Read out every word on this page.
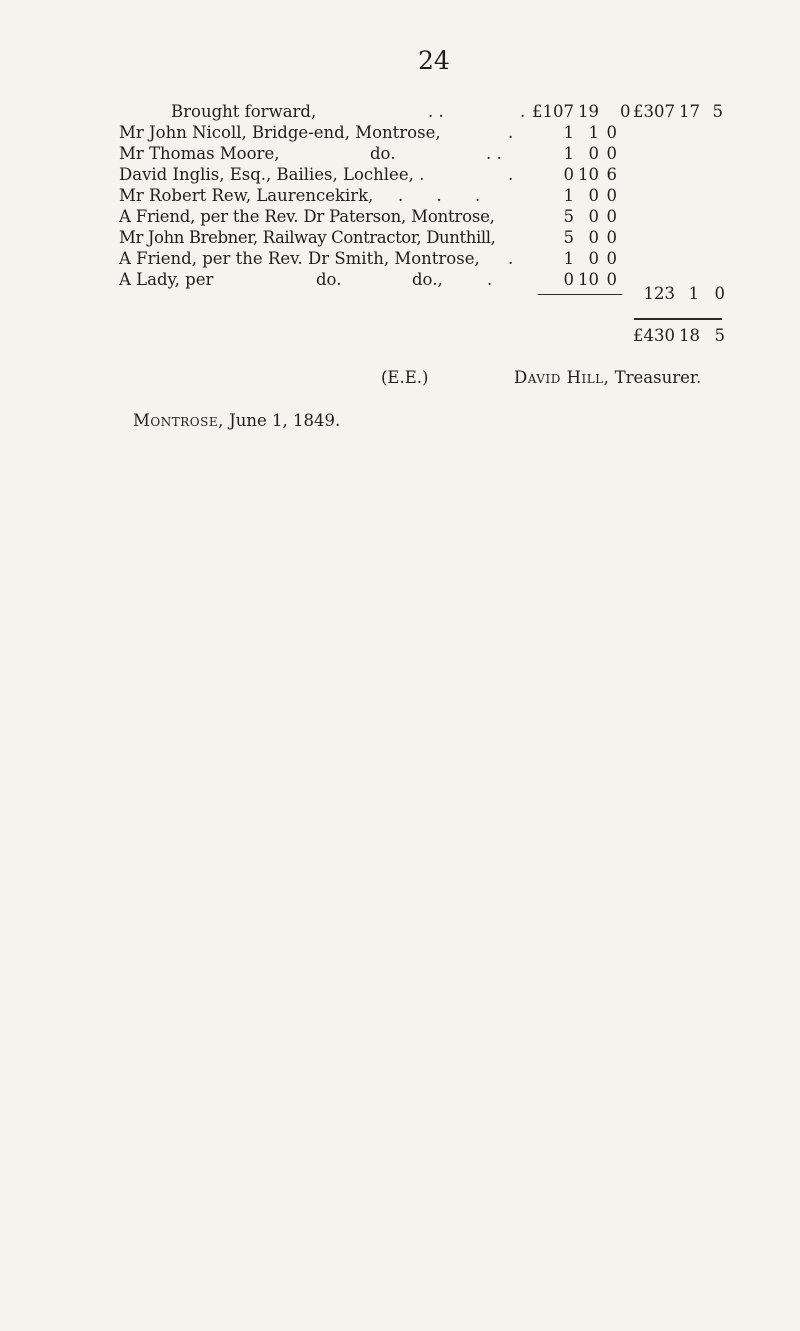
24
Brought forward,	. .	. £107 19 0 £307 17 5
Mr John Nicoll, Bridge-end, Montrose,	.	1 1 0
Mr Thomas Moore,	do.	. .	1 0 0
David Inglis, Esq., Bailies, Lochlee, .	.	0 10 6
Mr Robert Rew, Laurencekirk, . . .	1 0 0
A Friend, per the Rev. Dr Paterson, Montrose,	5 0 0
Mr John Brebner, Railway Contractor, Dunthill,	5 0 0
A Friend, per the Rev. Dr Smith, Montrose, .	1 0 0
A Lady, per	do.	do.,	.	0 10 0
123 1 0
£430 18 5
(E.E.)	David Hill, Treasurer.
Montrose, June 1, 1849.
